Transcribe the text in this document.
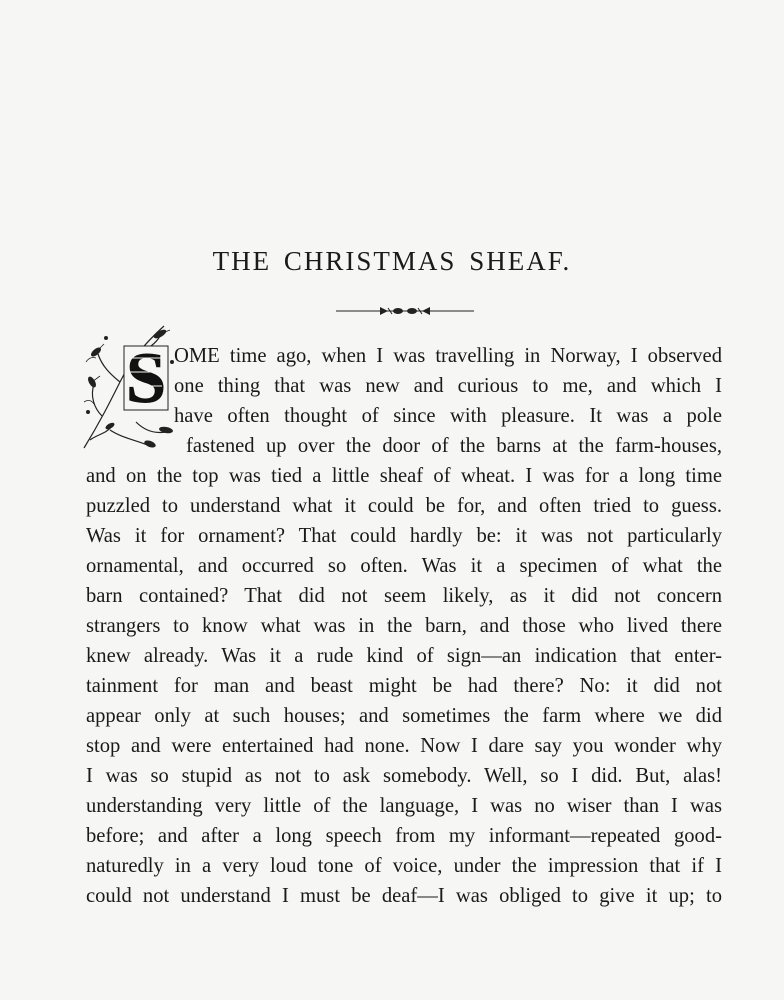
THE CHRISTMAS SHEAF.
S OME time ago, when I was travelling in Norway, I observed
one thing that was new and curious to me, and which I
have often thought of since with pleasure. It was a pole
fastened up over the door of the barns at the farm-houses,
and on the top was tied a little sheaf of wheat. I was for a long time
puzzled to understand what it could be for, and often tried to guess.
Was it for ornament? That could hardly be: it was not particularly
ornamental, and occurred so often. Was it a specimen of what the
barn contained? That did not seem likely, as it did not concern
strangers to know what was in the barn, and those who lived there
knew already. Was it a rude kind of sign—an indication that enter-
tainment for man and beast might be had there? No: it did not
appear only at such houses; and sometimes the farm where we did
stop and were entertained had none. Now I dare say you wonder why
I was so stupid as not to ask somebody. Well, so I did. But, alas!
understanding very little of the language, I was no wiser than I was
before; and after a long speech from my informant—repeated good-
naturedly in a very loud tone of voice, under the impression that if I
could not understand I must be deaf—I was obliged to give it up; to
